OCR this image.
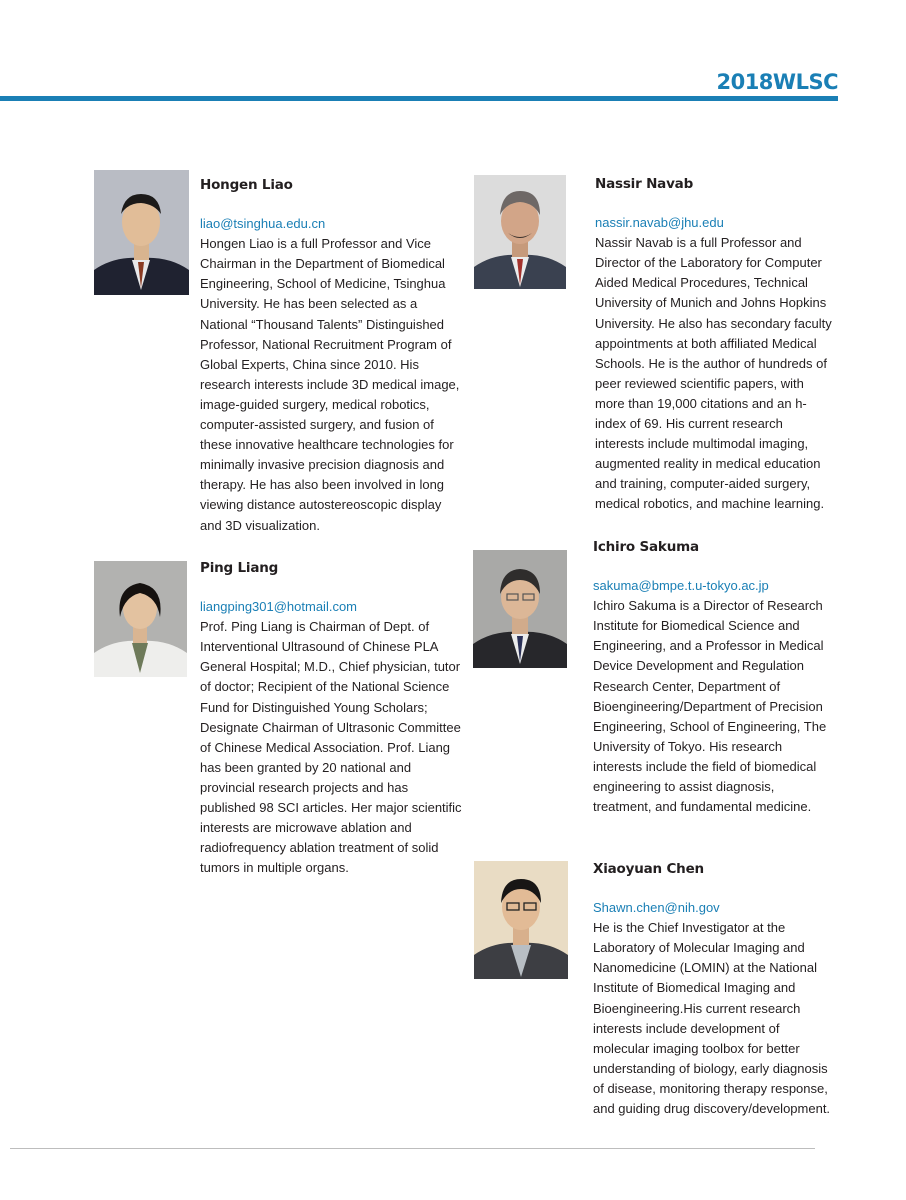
2018WLSC
Hongen Liao
liao@tsinghua.edu.cn
Hongen Liao is a full Professor and Vice Chairman in the Department of Biomedical Engineering, School of Medicine, Tsinghua University. He has been selected as a National “Thousand Talents” Distinguished Professor, National Recruitment Program of Global Experts, China since 2010. His research interests include 3D medical image, image-guided surgery, medical robotics, computer-assisted surgery, and fusion of these innovative healthcare technologies for minimally invasive precision diagnosis and therapy. He has also been involved in long viewing distance autostereoscopic display and 3D visualization.
Ping Liang
liangping301@hotmail.com
Prof. Ping Liang is Chairman of Dept. of Interventional Ultrasound of Chinese PLA General Hospital; M.D., Chief physician, tutor of doctor; Recipient of the National Science Fund for Distinguished Young Scholars; Designate Chairman of Ultrasonic Committee of Chinese Medical Association. Prof. Liang has been granted by 20 national and provincial research projects and has published 98 SCI articles. Her major scientific interests are microwave ablation and radiofrequency ablation treatment of solid tumors in multiple organs.
Nassir Navab
nassir.navab@jhu.edu
Nassir Navab is a full Professor and Director of the Laboratory for Computer Aided Medical Procedures, Technical University of Munich and Johns Hopkins University. He also has secondary faculty appointments at both affiliated Medical Schools. He is the author of hundreds of peer reviewed scientific papers, with more than 19,000 citations and an h-index of 69. His current research interests include multimodal imaging, augmented reality in medical education and training, computer-aided surgery, medical robotics, and machine learning.
Ichiro Sakuma
sakuma@bmpe.t.u-tokyo.ac.jp
Ichiro Sakuma is a Director of Research Institute for Biomedical Science and Engineering, and a Professor in Medical Device Development and Regulation Research Center, Department of Bioengineering/Department of Precision Engineering, School of Engineering, The University of Tokyo. His research interests include the field of biomedical engineering to assist diagnosis, treatment, and fundamental medicine.
Xiaoyuan Chen
Shawn.chen@nih.gov
He is the Chief Investigator at the Laboratory of Molecular Imaging and Nanomedicine (LOMIN) at the National Institute of Biomedical Imaging and Bioengineering.His current research interests include development of molecular imaging toolbox for better understanding of biology, early diagnosis of disease, monitoring therapy response, and guiding drug discovery/development.
